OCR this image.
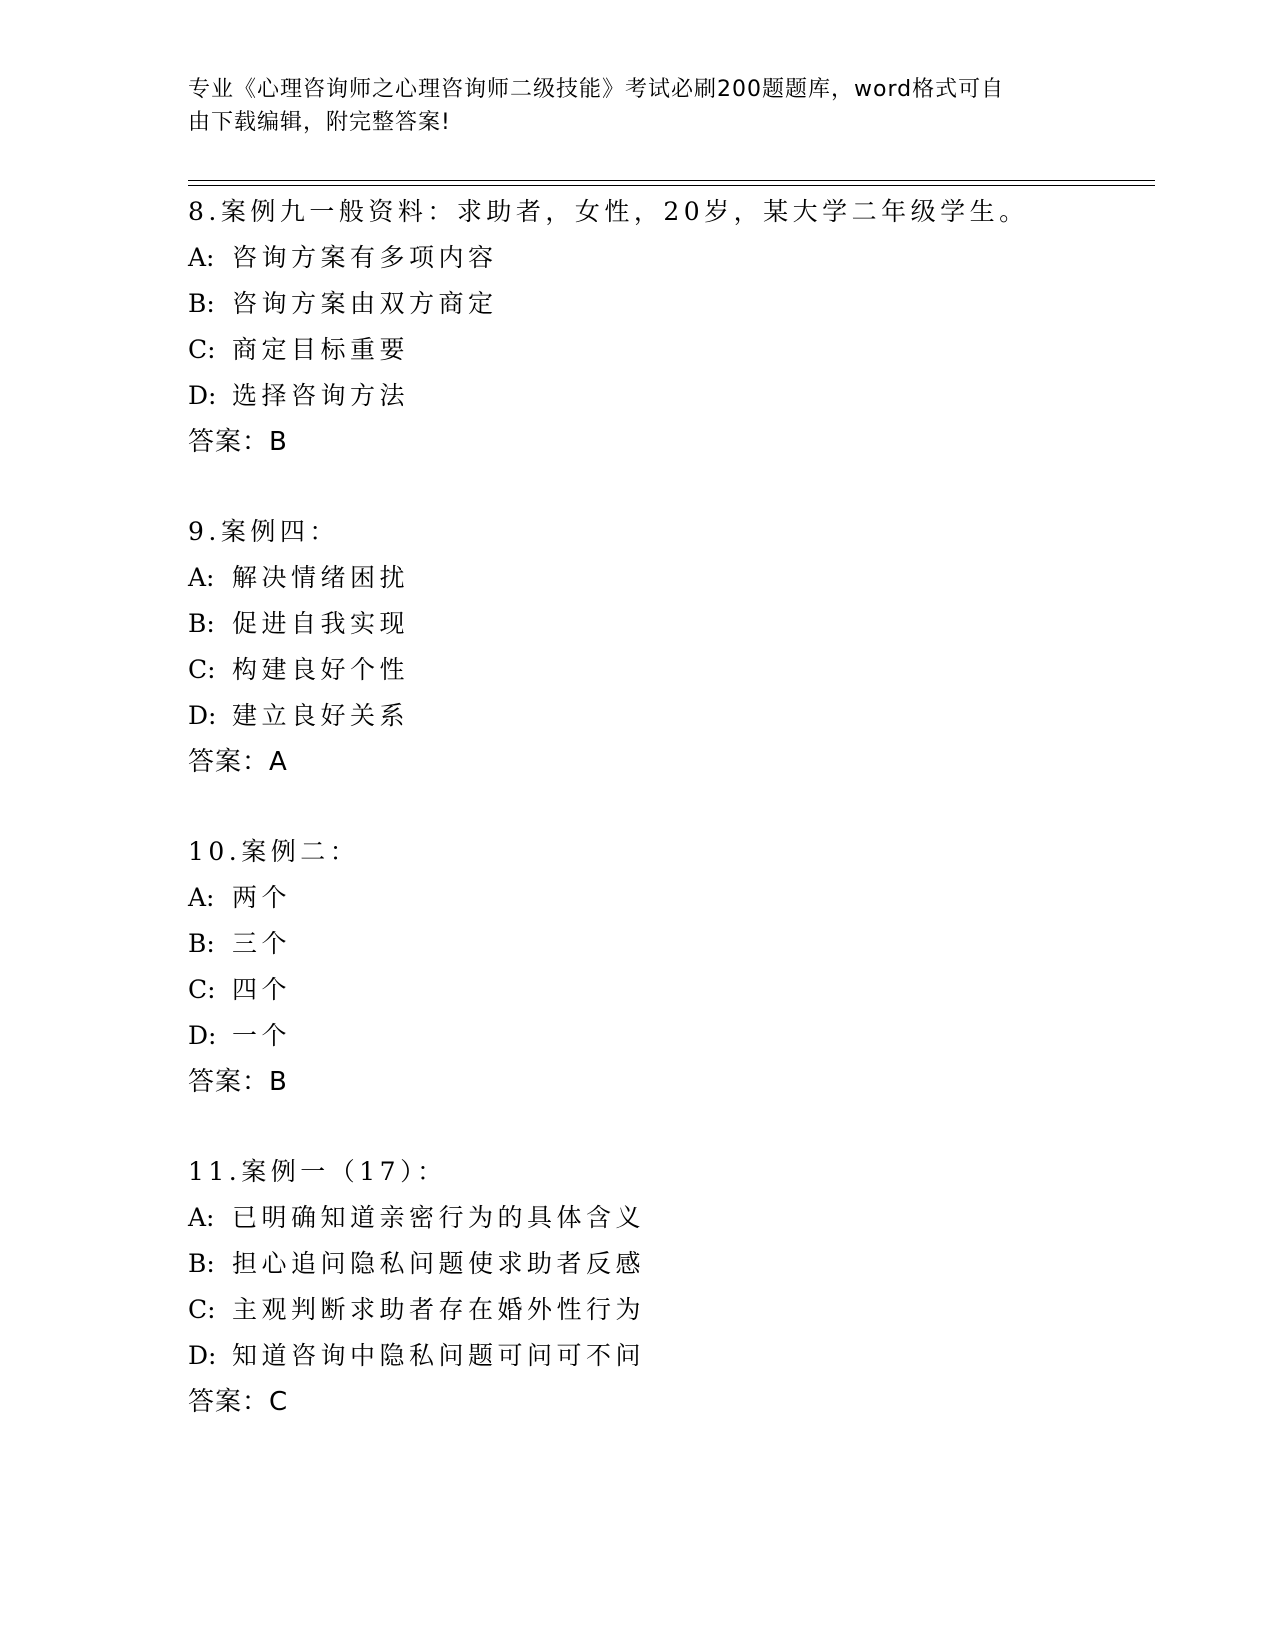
专业《心理咨询师之心理咨询师二级技能》考试必刷200题题库，word格式可自
由下载编辑，附完整答案!
8.案例九一般资料：求助者，女性，20岁，某大学二年级学生。
A: 咨询方案有多项内容
B: 咨询方案由双方商定
C: 商定目标重要
D: 选择咨询方法
答案：B
9.案例四：
A: 解决情绪困扰
B: 促进自我实现
C: 构建良好个性
D: 建立良好关系
答案：A
10.案例二：
A: 两个
B: 三个
C: 四个
D: 一个
答案：B
11.案例一（17）：
A: 已明确知道亲密行为的具体含义
B: 担心追问隐私问题使求助者反感
C: 主观判断求助者存在婚外性行为
D: 知道咨询中隐私问题可问可不问
答案：C
